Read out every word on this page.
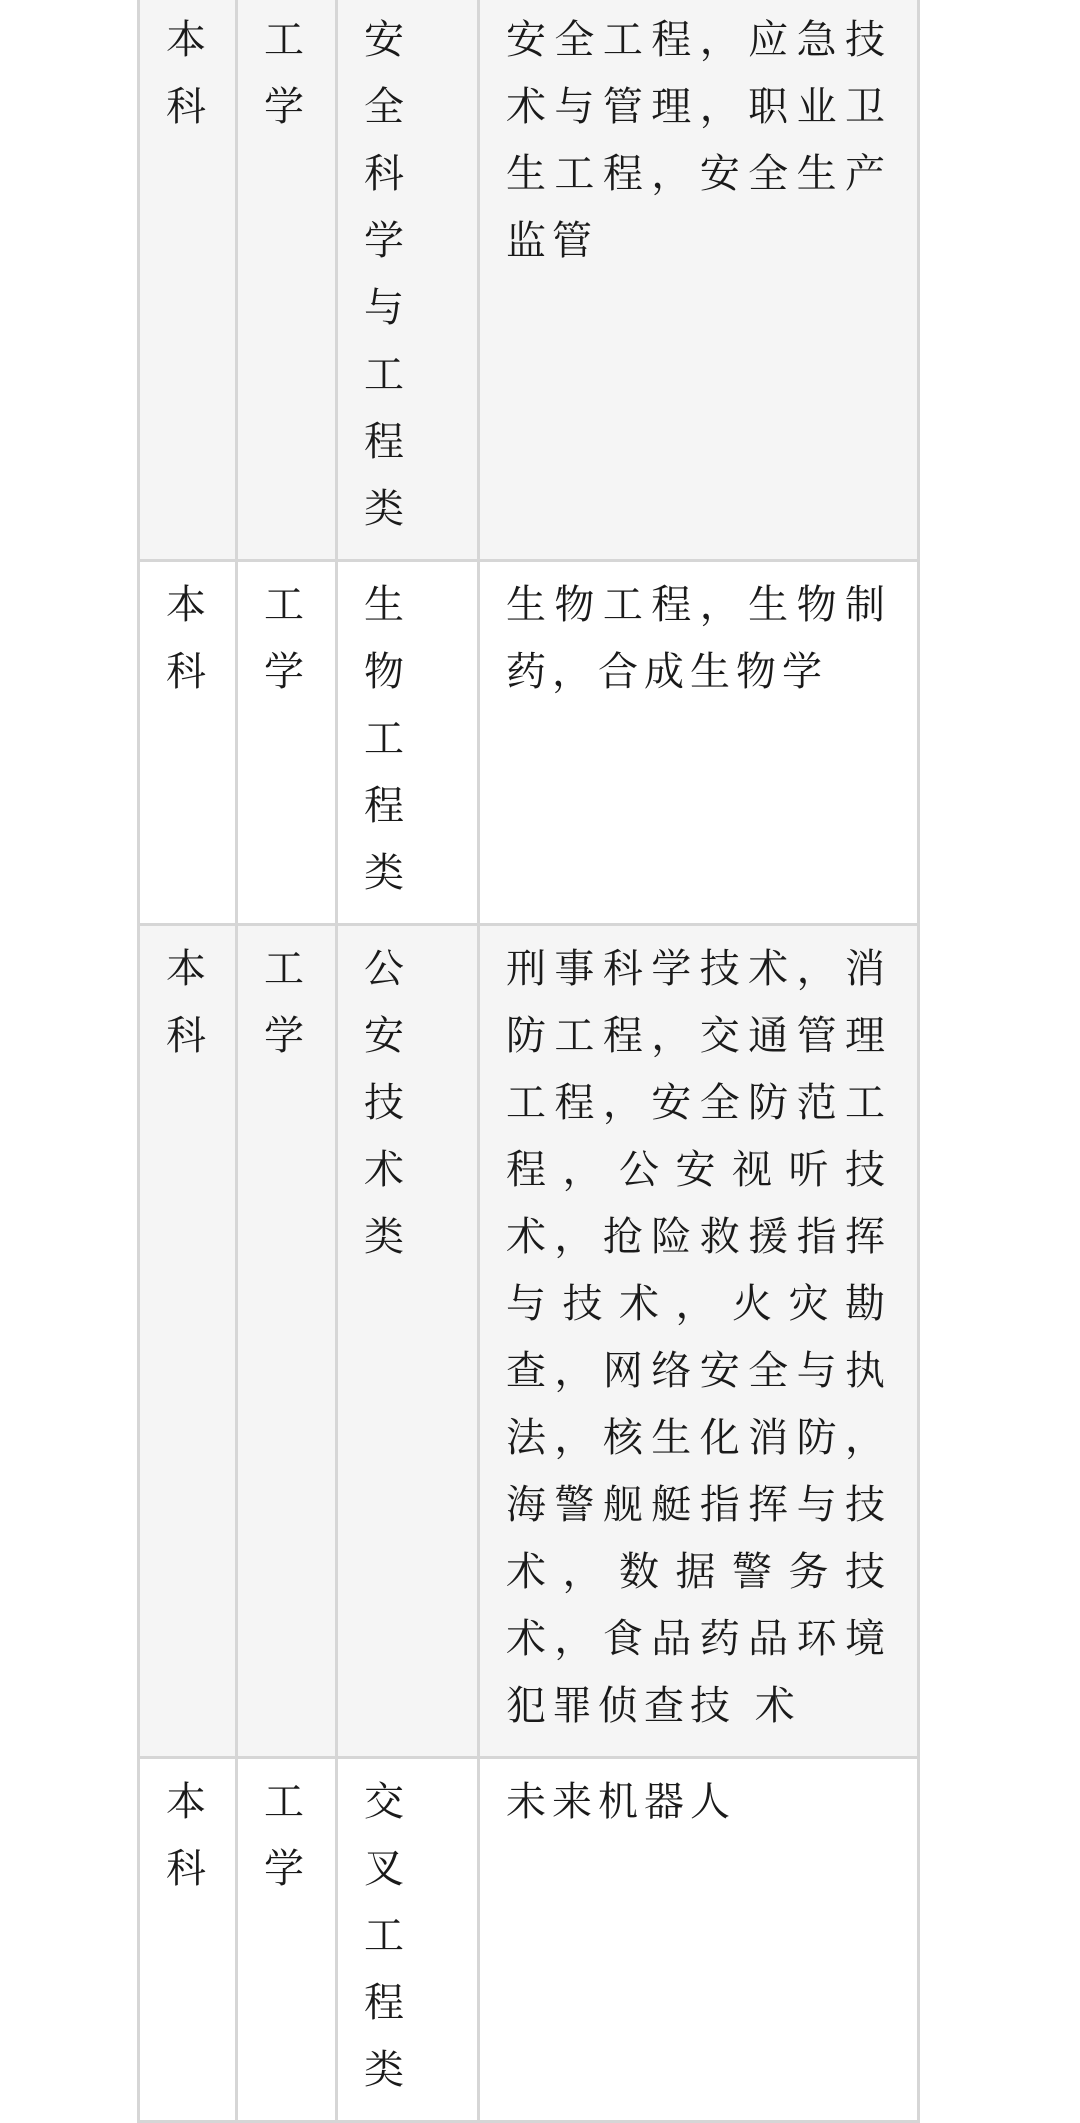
本科	工学	安全科学与工程类	安全工程，应急技术与管理，职业卫生工程，安全生产监管
本科	工学	生物工程类	生物工程，生物制药，合成生物学
本科	工学	公安技术类	刑事科学技术，消防工程，交通管理工程，安全防范工程，公安视听技术，抢险救援指挥与技术，火灾勘查，网络安全与执法，核生化消防，海警舰艇指挥与技术，数据警务技术，食品药品环境犯罪侦查技 术
本科	工学	交叉工程类	未来机器人
